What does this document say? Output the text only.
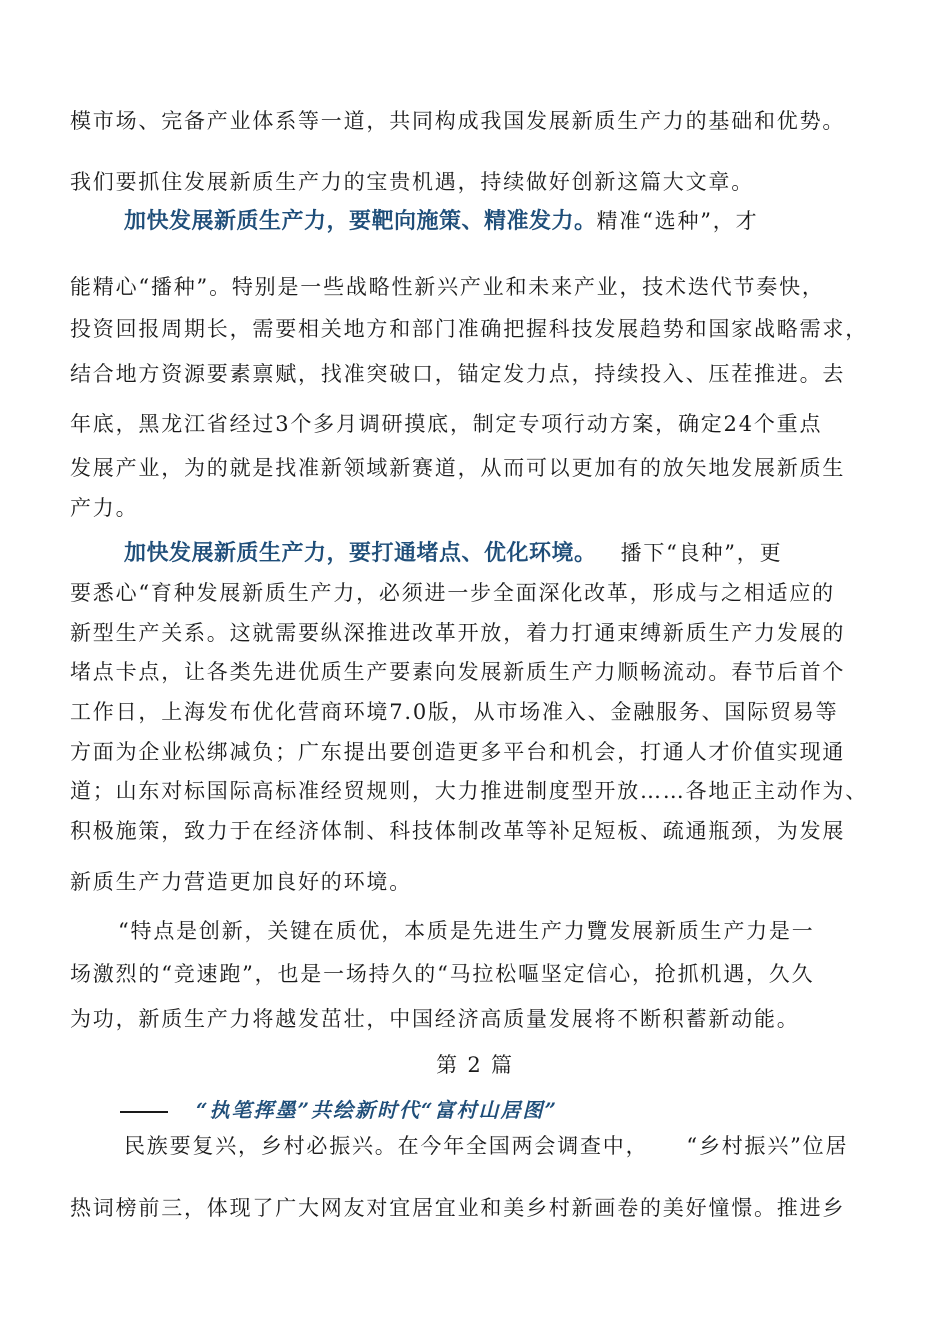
模市场、完备产业体系等一道，共同构成我国发展新质生产力的基础和优势。
我们要抓住发展新质生产力的宝贵机遇，持续做好创新这篇大文章。
加快发展新质生产力，要靶向施策、精准发力。精准“选种”，才
能精心“播种”。特别是一些战略性新兴产业和未来产业，技术迭代节奏快，
投资回报周期长，需要相关地方和部门准确把握科技发展趋势和国家战略需求，
结合地方资源要素禀赋，找准突破口，锚定发力点，持续投入、压茬推进。去
年底，黑龙江省经过3个多月调研摸底，制定专项行动方案，确定24个重点
发展产业，为的就是找准新领域新赛道，从而可以更加有的放矢地发展新质生
产力。
加快发展新质生产力，要打通堵点、优化环境。 播下“良种”，更
要悉心“育种发展新质生产力，必须进一步全面深化改革，形成与之相适应的
新型生产关系。这就需要纵深推进改革开放，着力打通束缚新质生产力发展的
堵点卡点，让各类先进优质生产要素向发展新质生产力顺畅流动。春节后首个
工作日，上海发布优化营商环境7.0版，从市场准入、金融服务、国际贸易等
方面为企业松绑减负；广东提出要创造更多平台和机会，打通人才价值实现通
道；山东对标国际高标准经贸规则，大力推进制度型开放……各地正主动作为、
积极施策，致力于在经济体制、科技体制改革等补足短板、疏通瓶颈，为发展
新质生产力营造更加良好的环境。
“特点是创新，关键在质优，本质是先进生产力覽发展新质生产力是一
场激烈的“竞速跑”，也是一场持久的“马拉松嘔坚定信心，抢抓机遇，久久
为功，新质生产力将越发茁壮，中国经济高质量发展将不断积蓄新动能。
第 2 篇
“执笔挥墨”共绘新时代“富村山居图”
民族要复兴，乡村必振兴。在今年全国两会调查中， “乡村振兴”位居
热词榜前三，体现了广大网友对宜居宜业和美乡村新画卷的美好憧憬。推进乡
